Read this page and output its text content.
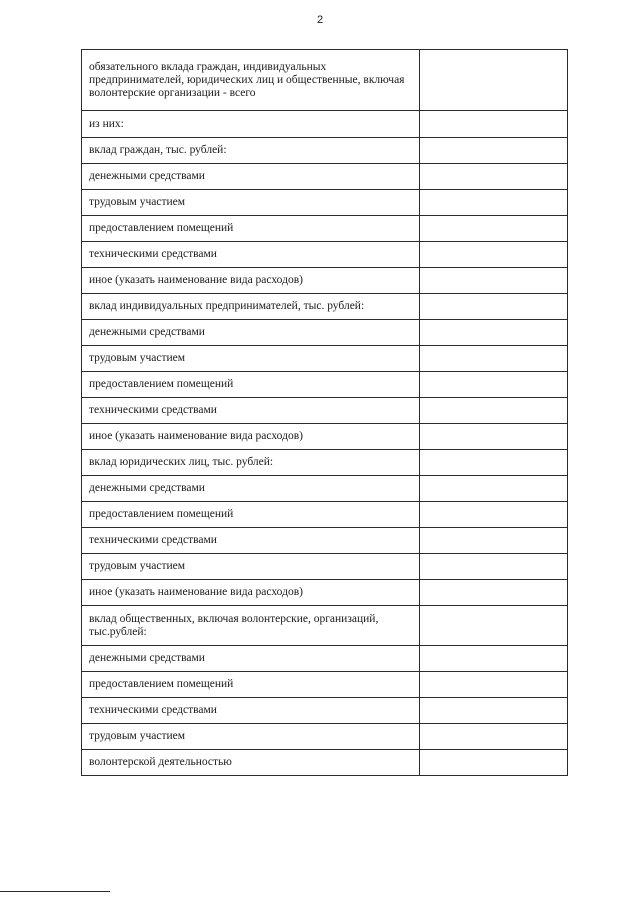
2
обязательного вклада граждан, индивидуальных предпринимателей, юридических лиц и общественные, включая волонтерские организации - всего	
из них:	
вклад граждан, тыс. рублей:	
денежными средствами	
трудовым участием	
предоставлением помещений	
техническими средствами	
иное (указать наименование вида расходов)	
вклад индивидуальных предпринимателей, тыс. рублей:	
денежными средствами	
трудовым участием	
предоставлением помещений	
техническими средствами	
иное (указать наименование вида расходов)	
вклад юридических лиц, тыс. рублей:	
денежными средствами	
предоставлением помещений	
техническими средствами	
трудовым участием	
иное (указать наименование вида расходов)	
вклад общественных, включая волонтерские, организаций, тыс.рублей:	
денежными средствами	
предоставлением помещений	
техническими средствами	
трудовым участием	
волонтерской деятельностью	
